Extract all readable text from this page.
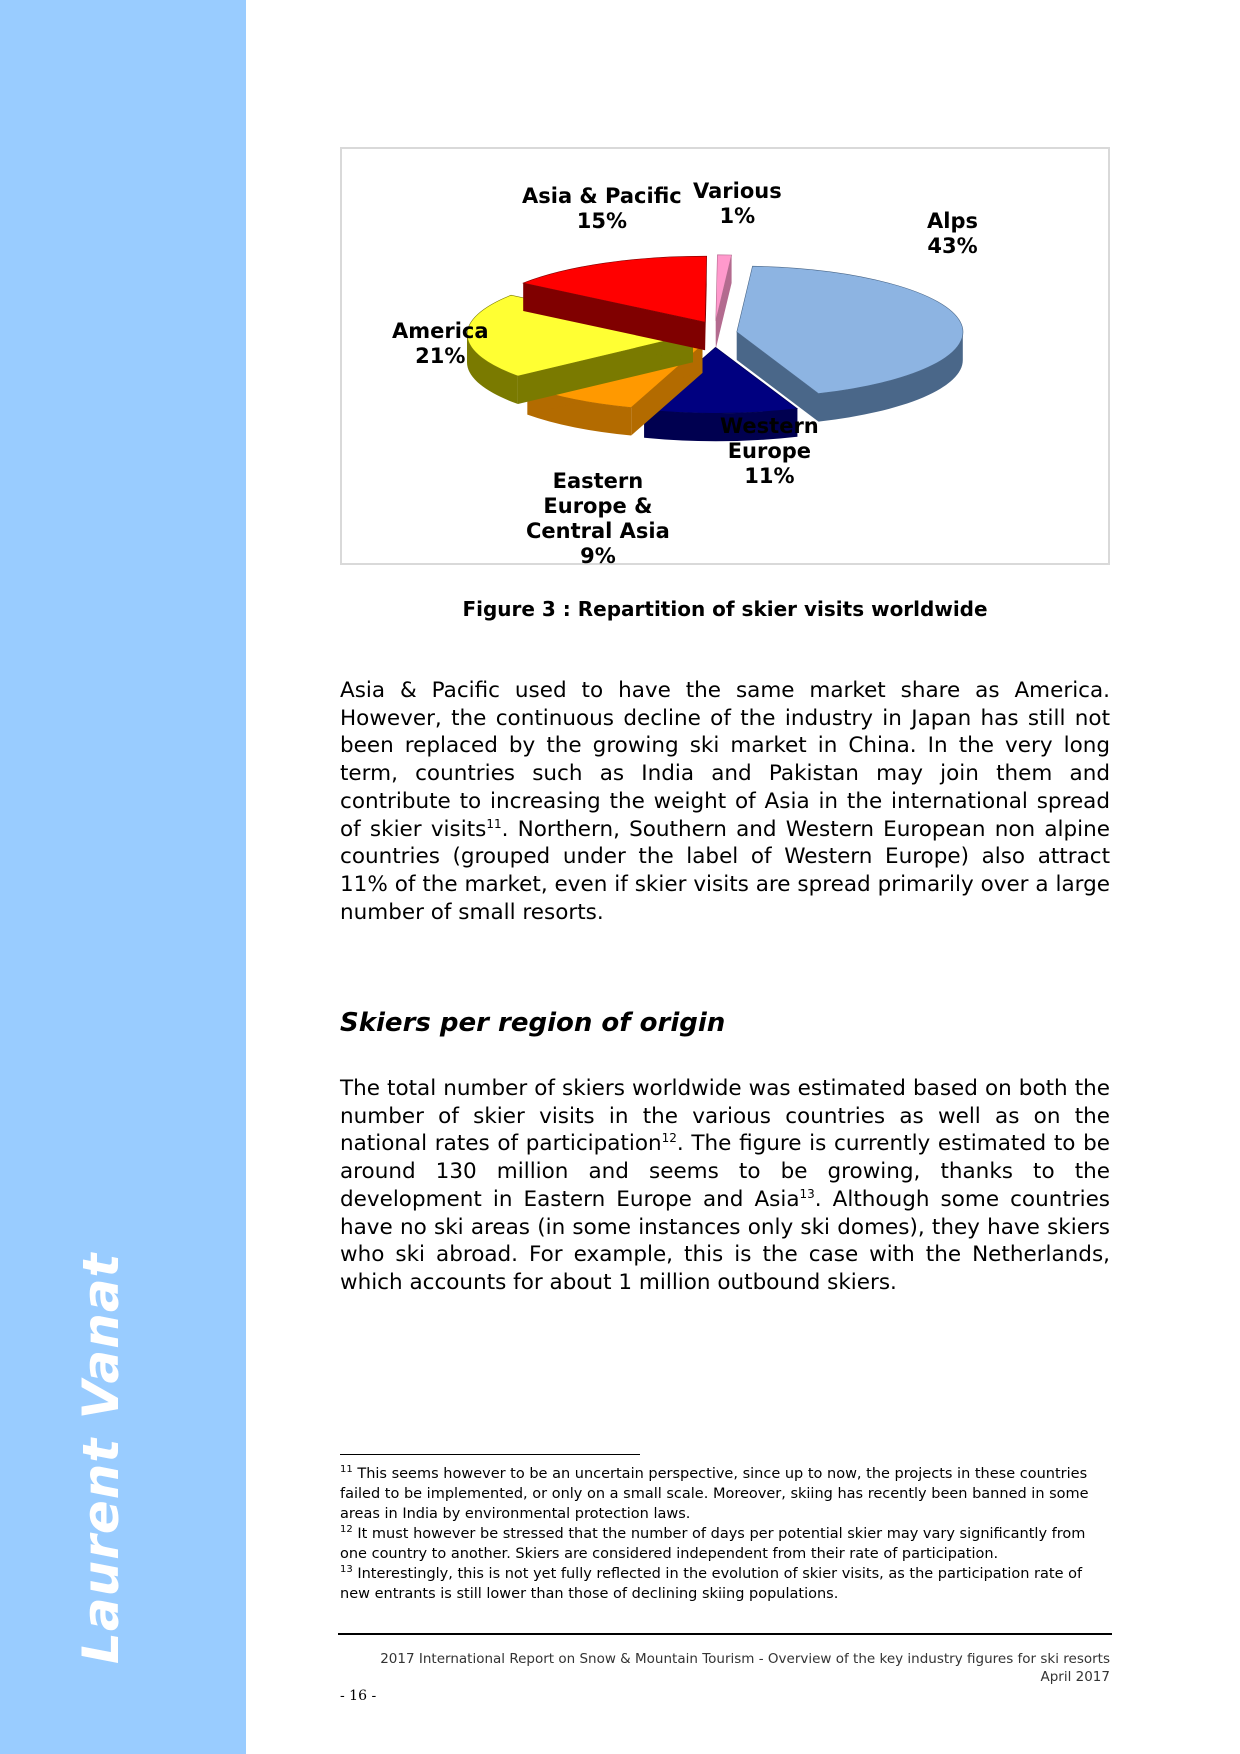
Laurent Vanat
Alps
43%
Western
Europe
11%
Eastern
Europe &
Central Asia
9%
America
21%
Asia & Pacific
15%
Various
1%
Figure 3 : Repartition of skier visits worldwide
Asia & Pacific used to have the same market share as America. However, the continuous decline of the industry in Japan has still not been replaced by the growing ski market in China. In the very long term, countries such as India and Pakistan may join them and contribute to increasing the weight of Asia in the international spread of skier visits$^{11}$. Northern, Southern and Western European non alpine countries (grouped under the label of Western Europe) also attract 11% of the market, even if skier visits are spread primarily over a large number of small resorts.
Skiers per region of origin
The total number of skiers worldwide was estimated based on both the number of skier visits in the various countries as well as on the national rates of participation$^{12}$. The figure is currently estimated to be around 130 million and seems to be growing, thanks to the development in Eastern Europe and Asia$^{13}$. Although some countries have no ski areas (in some instances only ski domes), they have skiers who ski abroad. For example, this is the case with the Netherlands, which accounts for about 1 million outbound skiers.
$^{11}$ This seems however to be an uncertain perspective, since up to now, the projects in these countries failed to be implemented, or only on a small scale. Moreover, skiing has recently been banned in some areas in India by environmental protection laws.
$^{12}$ It must however be stressed that the number of days per potential skier may vary significantly from one country to another. Skiers are considered independent from their rate of participation.
$^{13}$ Interestingly, this is not yet fully reflected in the evolution of skier visits, as the participation rate of new entrants is still lower than those of declining skiing populations.
2017 International Report on Snow & Mountain Tourism - Overview of the key industry figures for ski resorts
April 2017
- 16 -
